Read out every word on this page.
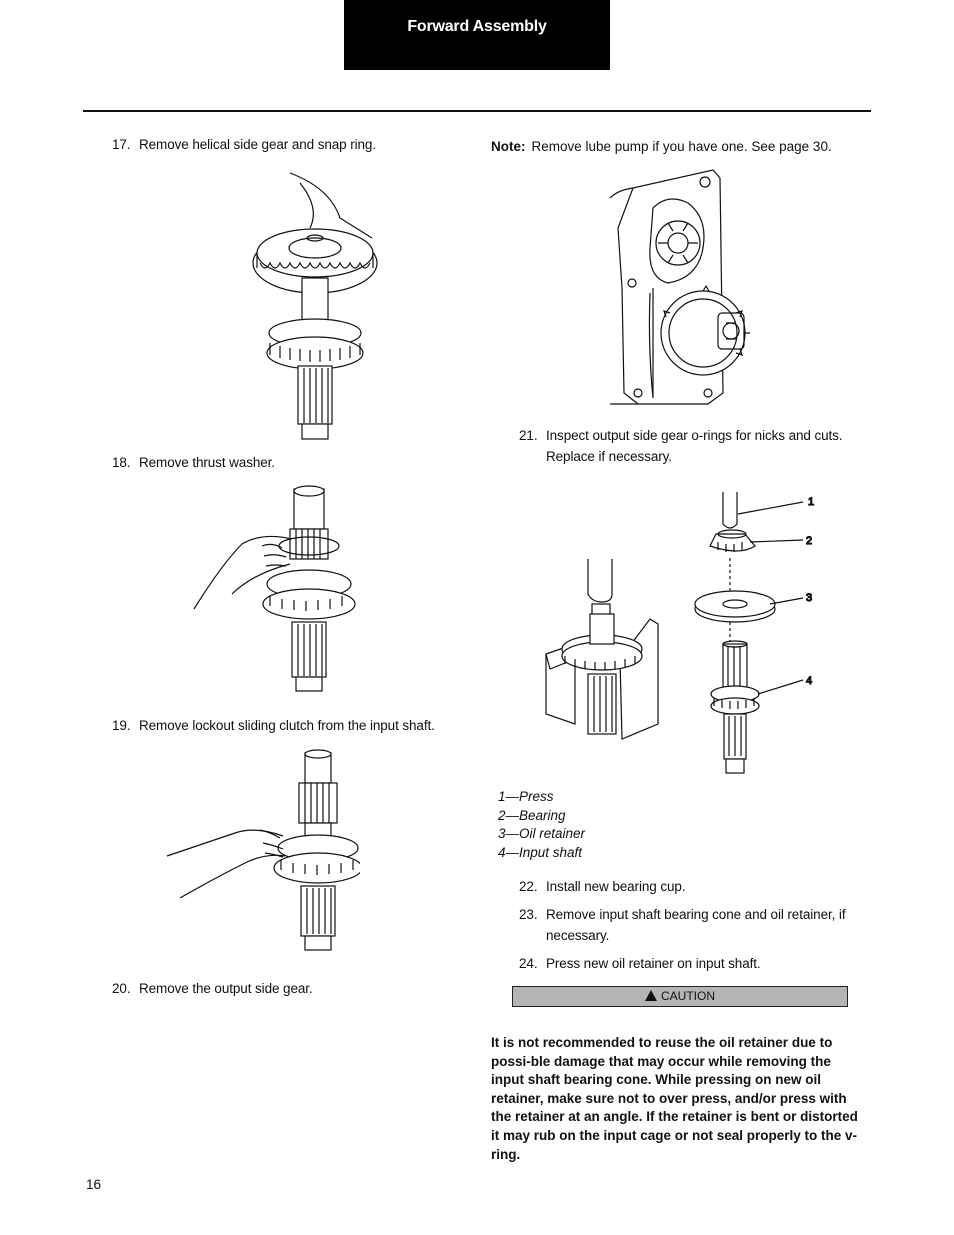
Forward Assembly
17. Remove helical side gear and snap ring.
18. Remove thrust washer.
19. Remove lockout sliding clutch from the input shaft.
20. Remove the output side gear.
Note: Remove lube pump if you have one. See page 30.
21. Inspect output side gear o-rings for nicks and cuts.
Replace if necessary.
1
2
3
4
1—Press
2—Bearing
3—Oil retainer
4—Input shaft
22. Install new bearing cup.
23. Remove input shaft bearing cone and oil retainer, if
necessary.
24. Press new oil retainer on input shaft.
CAUTION
It is not recommended to reuse the oil retainer due to possi-ble damage that may occur while removing the input shaft bearing cone. While pressing on new oil retainer, make sure not to over press, and/or press with the retainer at an angle. If the retainer is bent or distorted it may rub on the input cage or not seal properly to the v-ring.
16
